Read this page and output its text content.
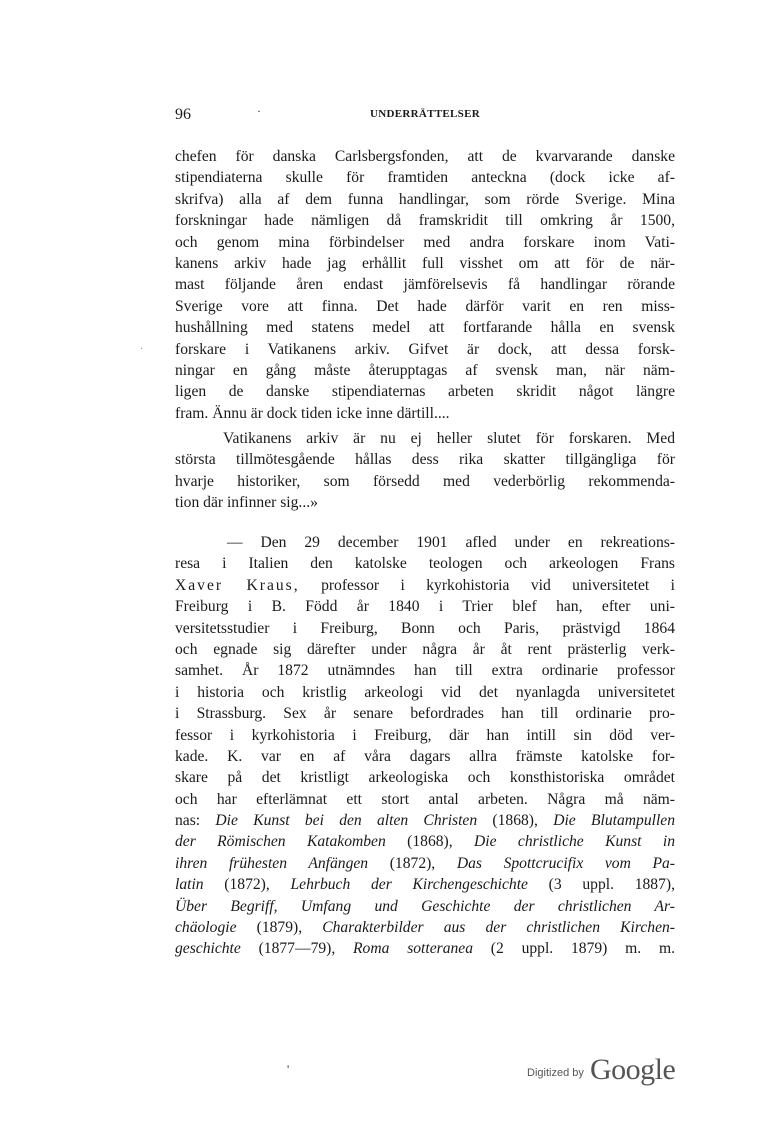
96	·	UNDERRÄTTELSER
·
chefen för danska Carlsbergsfonden, att de kvarvarande danske
stipendiaterna skulle för framtiden anteckna (dock icke af-
skrifva) alla af dem funna handlingar, som rörde Sverige. Mina
forskningar hade nämligen då framskridit till omkring år 1500,
och genom mina förbindelser med andra forskare inom Vati-
kanens arkiv hade jag erhållit full visshet om att för de när-
mast följande åren endast jämförelsevis få handlingar rörande
Sverige vore att finna. Det hade därför varit en ren miss-
hushållning med statens medel att fortfarande hålla en svensk
forskare i Vatikanens arkiv. Gifvet är dock, att dessa forsk-
ningar en gång måste återupptagas af svensk man, när näm-
ligen de danske stipendiaternas arbeten skridit något längre
fram. Ännu är dock tiden icke inne därtill....
Vatikanens arkiv är nu ej heller slutet för forskaren. Med
största tillmötesgående hållas dess rika skatter tillgängliga för
hvarje historiker, som försedd med vederbörlig rekommenda-
tion där infinner sig...»
— Den 29 december 1901 afled under en rekreations-
resa i Italien den katolske teologen och arkeologen Frans
Xaver Kraus, professor i kyrkohistoria vid universitetet i
Freiburg i B. Född år 1840 i Trier blef han, efter uni-
versitetsstudier i Freiburg, Bonn och Paris, prästvigd 1864
och egnade sig därefter under några år åt rent prästerlig verk-
samhet. År 1872 utnämndes han till extra ordinarie professor
i historia och kristlig arkeologi vid det nyanlagda universitetet
i Strassburg. Sex år senare befordrades han till ordinarie pro-
fessor i kyrkohistoria i Freiburg, där han intill sin död ver-
kade. K. var en af våra dagars allra främste katolske for-
skare på det kristligt arkeologiska och konsthistoriska området
och har efterlämnat ett stort antal arbeten. Några må näm-
nas: Die Kunst bei den alten Christen (1868), Die Blutampullen
der Römischen Katakomben (1868), Die christliche Kunst in
ihren frühesten Anfängen (1872), Das Spottcrucifix vom Pa-
latin (1872), Lehrbuch der Kirchengeschichte (3 uppl. 1887),
Über Begriff, Umfang und Geschichte der christlichen Ar-
chäologie (1879), Charakterbilder aus der christlichen Kirchen-
geschichte (1877—79), Roma sotteranea (2 uppl. 1879) m. m.
'	Digitized by Google
